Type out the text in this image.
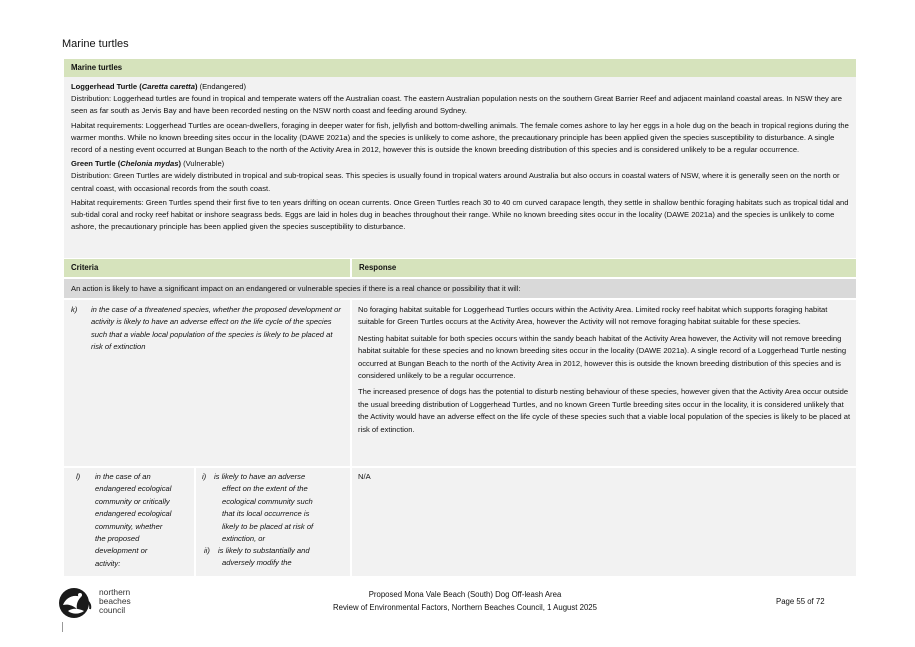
Marine turtles
Marine turtles

Loggerhead Turtle (Caretta caretta) (Endangered)

Distribution: Loggerhead turtles are found in tropical and temperate waters off the Australian coast. The eastern Australian population nests on the southern Great Barrier Reef and adjacent mainland coastal areas. In NSW they are seen as far south as Jervis Bay and have been recorded nesting on the NSW north coast and feeding around Sydney.

Habitat requirements: Loggerhead Turtles are ocean-dwellers, foraging in deeper water for fish, jellyfish and bottom-dwelling animals. The female comes ashore to lay her eggs in a hole dug on the beach in tropical regions during the warmer months. While no known breeding sites occur in the locality (DAWE 2021a) and the species is unlikely to come ashore, the precautionary principle has been applied given the species susceptibility to disturbance. A single record of a nesting event occurred at Bungan Beach to the north of the Activity Area in 2012, however this is outside the known breeding distribution of this species and is considered unlikely to be a regular occurrence.

Green Turtle (Chelonia mydas) (Vulnerable)

Distribution: Green Turtles are widely distributed in tropical and sub-tropical seas. This species is usually found in tropical waters around Australia but also occurs in coastal waters of NSW, where it is generally seen on the north or central coast, with occasional records from the south coast.

Habitat requirements: Green Turtles spend their first five to ten years drifting on ocean currents. Once Green Turtles reach 30 to 40 cm curved carapace length, they settle in shallow benthic foraging habitats such as tropical tidal and sub-tidal coral and rocky reef habitat or inshore seagrass beds. Eggs are laid in holes dug in beaches throughout their range. While no known breeding sites occur in the locality (DAWE 2021a) and the species is unlikely to come ashore, the precautionary principle has been applied given the species susceptibility to disturbance.

Criteria	Response
An action is likely to have a significant impact on an endangered or vulnerable species if there is a real chance or possibility that it will:
k) in the case of a threatened species, whether the proposed development or activity is likely to have an adverse effect on the life cycle of the species such that a viable local population of the species is likely to be placed at risk of extinction

No foraging habitat suitable for Loggerhead Turtles occurs within the Activity Area. Limited rocky reef habitat which supports foraging habitat suitable for Green Turtles occurs at the Activity Area, however the Activity will not remove foraging habitat suitable for these species.

Nesting habitat suitable for both species occurs within the sandy beach habitat of the Activity Area however, the Activity will not remove breeding habitat suitable for these species and no known breeding sites occur in the locality (DAWE 2021a). A single record of a Loggerhead Turtle nesting occurred at Bungan Beach to the north of the Activity Area in 2012, however this is outside the known breeding distribution of this species and is considered unlikely to be a regular occurrence.

The increased presence of dogs has the potential to disturb nesting behaviour of these species, however given that the Activity Area occur outside the usual breeding distribution of Loggerhead Turtles, and no known Green Turtle breeding sites occur in the locality, it is considered unlikely that the Activity would have an adverse effect on the life cycle of these species such that a viable local population of the species is likely to be placed at risk of extinction.

l) in the case of an
endangered ecological
community or critically
endangered ecological
community, whether
the proposed
development or
activity:
i) is likely to have an adverse
effect on the extent of the
ecological community such
that its local occurrence is
likely to be placed at risk of
extinction, or
ii) is likely to substantially and
adversely modify the
N/A
northern
beaches
council
Proposed Mona Vale Beach (South) Dog Off-leash Area
Review of Environmental Factors, Northern Beaches Council, 1 August 2025
Page 55 of 72
